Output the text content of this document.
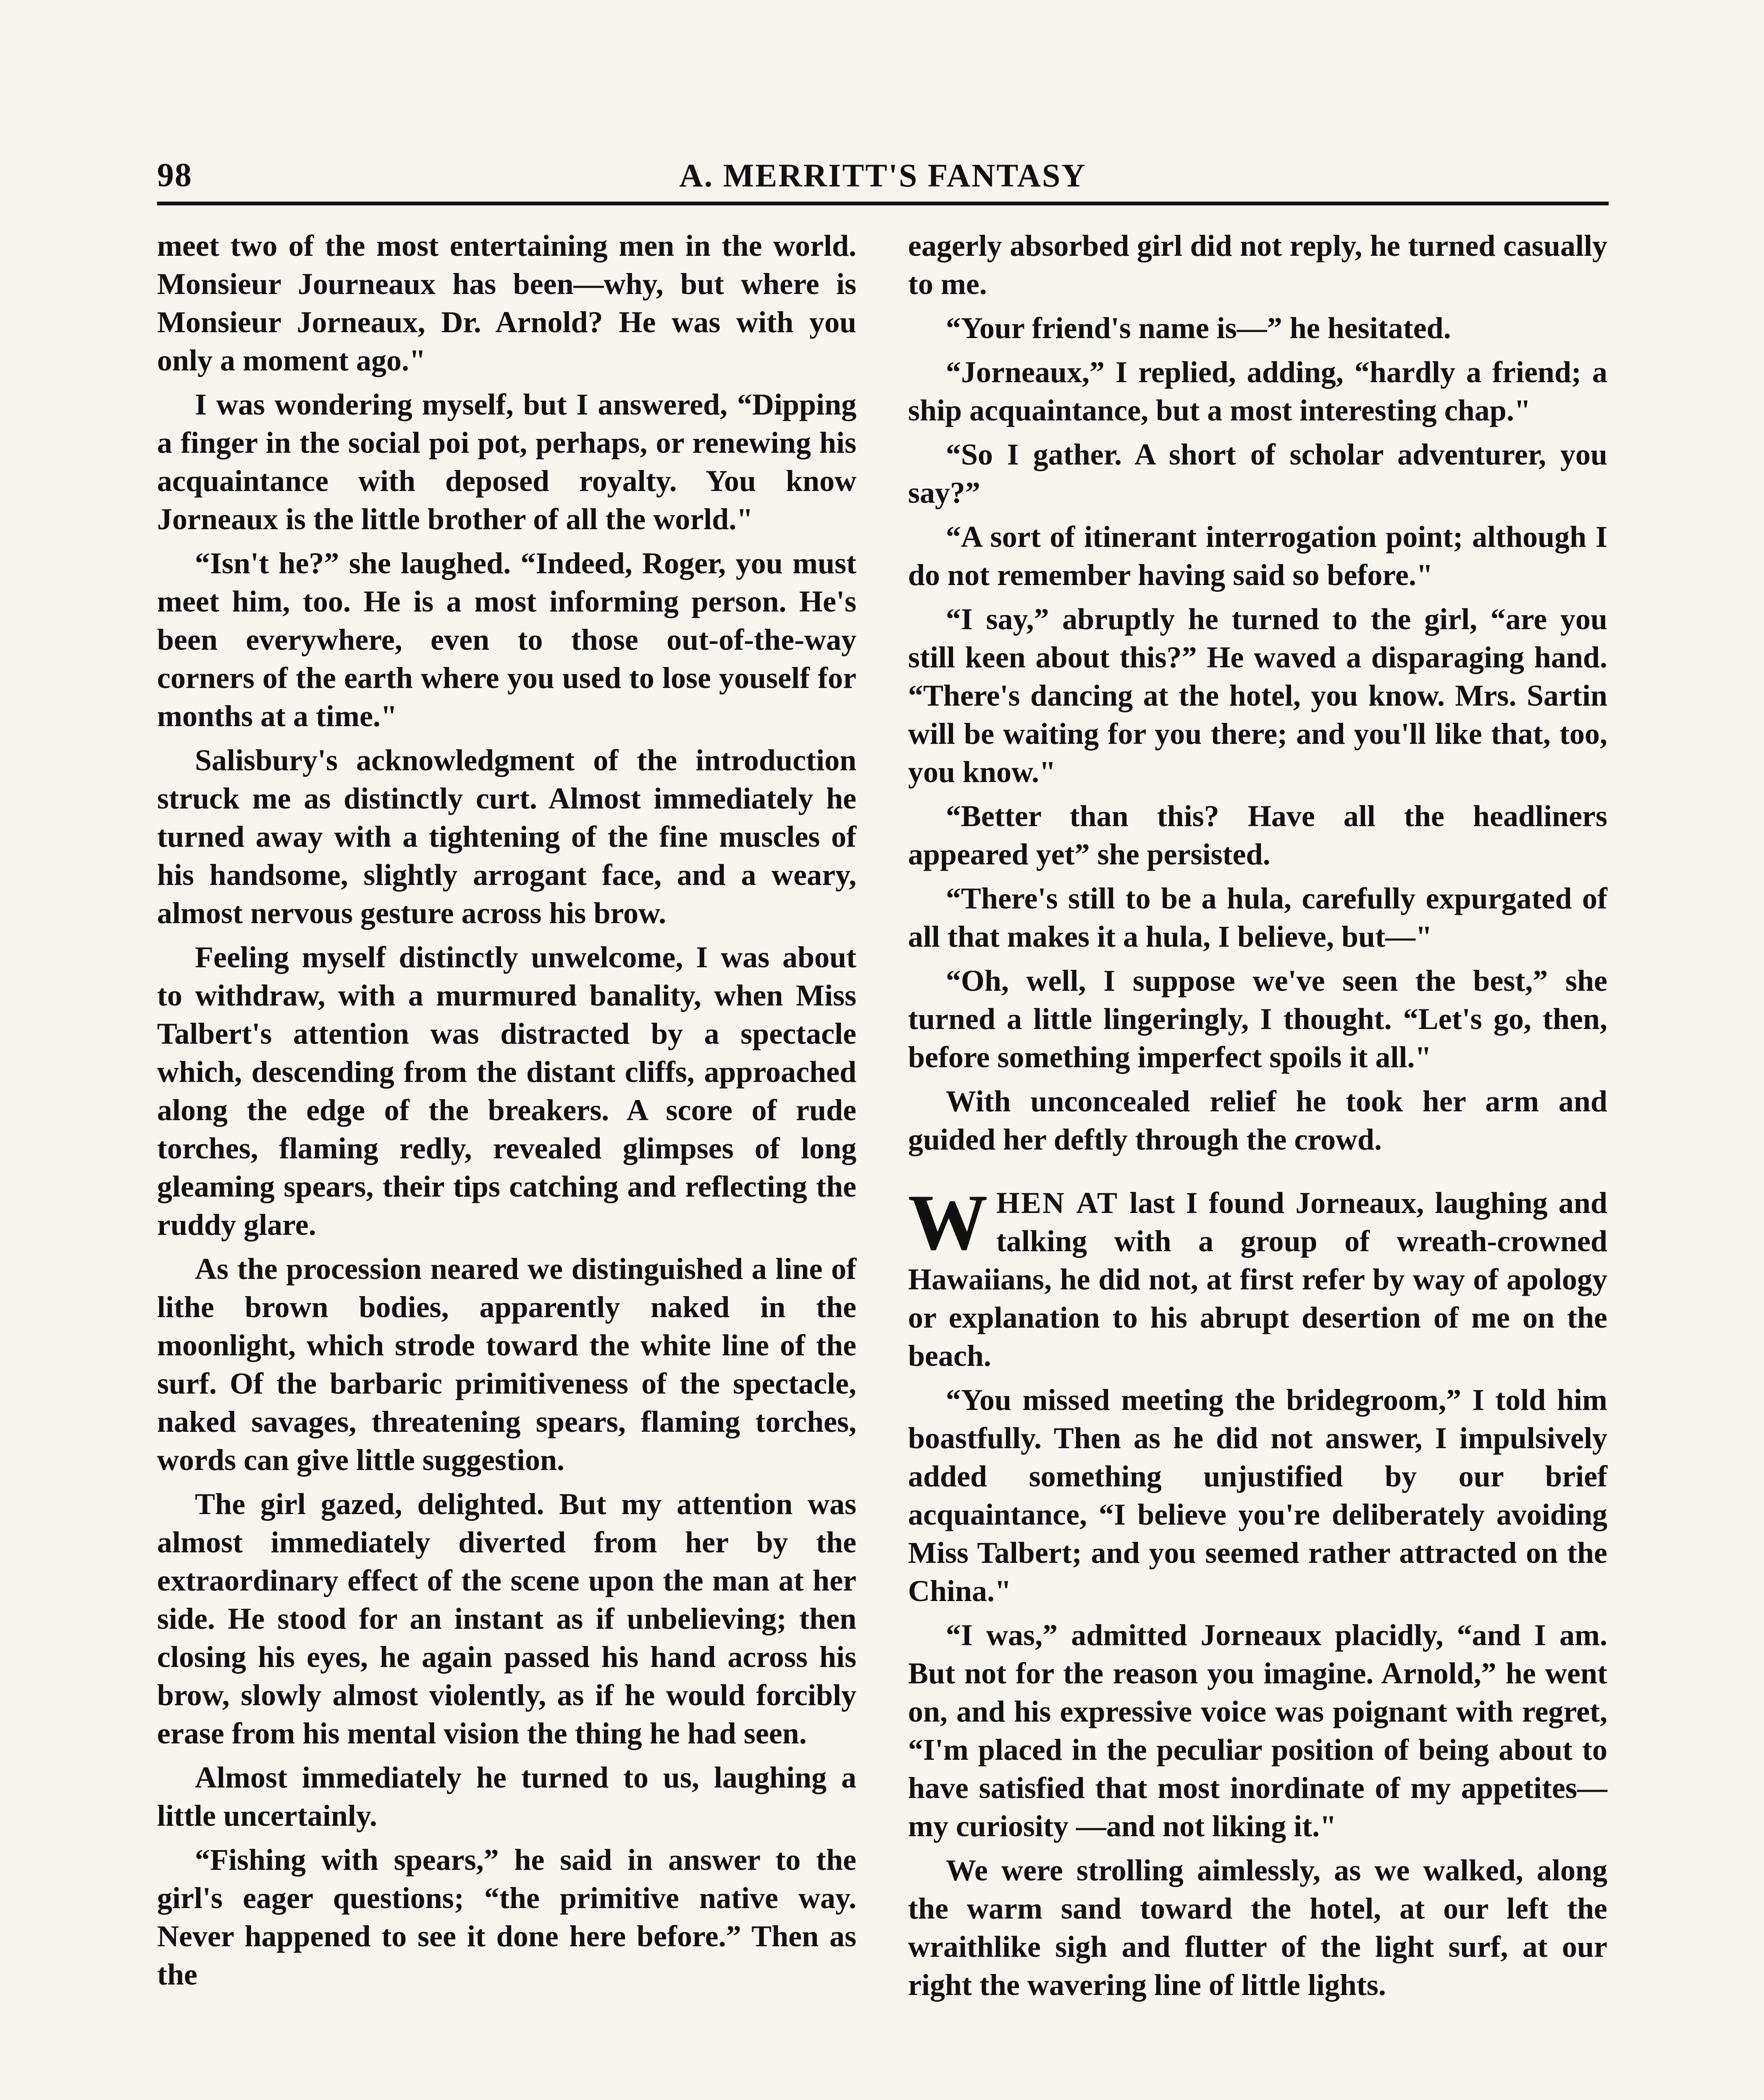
98	A. MERRITT'S FANTASY

meet two of the most entertaining men in the world. Monsieur Journeaux has been—why, but where is Monsieur Jorneaux, Dr. Arnold? He was with you only a moment ago."

I was wondering myself, but I answered, “Dipping a finger in the social poi pot, perhaps, or renewing his acquaintance with deposed royalty. You know Jorneaux is the little brother of all the world."

“Isn't he?” she laughed. “Indeed, Roger, you must meet him, too. He is a most informing person. He's been everywhere, even to those out-of-the-way corners of the earth where you used to lose youself for months at a time."

Salisbury's acknowledgment of the introduction struck me as distinctly curt. Almost immediately he turned away with a tightening of the fine muscles of his handsome, slightly arrogant face, and a weary, almost nervous gesture across his brow.

Feeling myself distinctly unwelcome, I was about to withdraw, with a murmured banality, when Miss Talbert's attention was distracted by a spectacle which, descending from the distant cliffs, approached along the edge of the breakers. A score of rude torches, flaming redly, revealed glimpses of long gleaming spears, their tips catching and reflecting the ruddy glare.

As the procession neared we distinguished a line of lithe brown bodies, apparently naked in the moonlight, which strode toward the white line of the surf. Of the barbaric primitiveness of the spectacle, naked savages, threatening spears, flaming torches, words can give little suggestion.

The girl gazed, delighted. But my attention was almost immediately diverted from her by the extraordinary effect of the scene upon the man at her side. He stood for an instant as if unbelieving; then closing his eyes, he again passed his hand across his brow, slowly almost violently, as if he would forcibly erase from his mental vision the thing he had seen.

Almost immediately he turned to us, laughing a little uncertainly.

“Fishing with spears,” he said in answer to the girl's eager questions; “the primitive native way. Never happened to see it done here before.” Then as the

eagerly absorbed girl did not reply, he turned casually to me.

“Your friend's name is—” he hesitated.

“Jorneaux,” I replied, adding, “hardly a friend; a ship acquaintance, but a most interesting chap."

“So I gather. A short of scholar adventurer, you say?”

“A sort of itinerant interrogation point; although I do not remember having said so before."

“I say,” abruptly he turned to the girl, “are you still keen about this?” He waved a disparaging hand. “There's dancing at the hotel, you know. Mrs. Sartin will be waiting for you there; and you'll like that, too, you know."

“Better than this? Have all the headliners appeared yet” she persisted.

“There's still to be a hula, carefully expurgated of all that makes it a hula, I believe, but—"

“Oh, well, I suppose we've seen the best,” she turned a little lingeringly, I thought. “Let's go, then, before something imperfect spoils it all."

With unconcealed relief he took her arm and guided her deftly through the crowd.

WHEN AT last I found Jorneaux, laughing and talking with a group of wreath-crowned Hawaiians, he did not, at first refer by way of apology or explanation to his abrupt desertion of me on the beach.

“You missed meeting the bridegroom,” I told him boastfully. Then as he did not answer, I impulsively added something unjustified by our brief acquaintance, “I believe you're deliberately avoiding Miss Talbert; and you seemed rather attracted on the China."

“I was,” admitted Jorneaux placidly, “and I am. But not for the reason you imagine. Arnold,” he went on, and his expressive voice was poignant with regret, “I'm placed in the peculiar position of being about to have satisfied that most inordinate of my appetites— my curiosity —and not liking it."

We were strolling aimlessly, as we walked, along the warm sand toward the hotel, at our left the wraithlike sigh and flutter of the light surf, at our right the wavering line of little lights.
